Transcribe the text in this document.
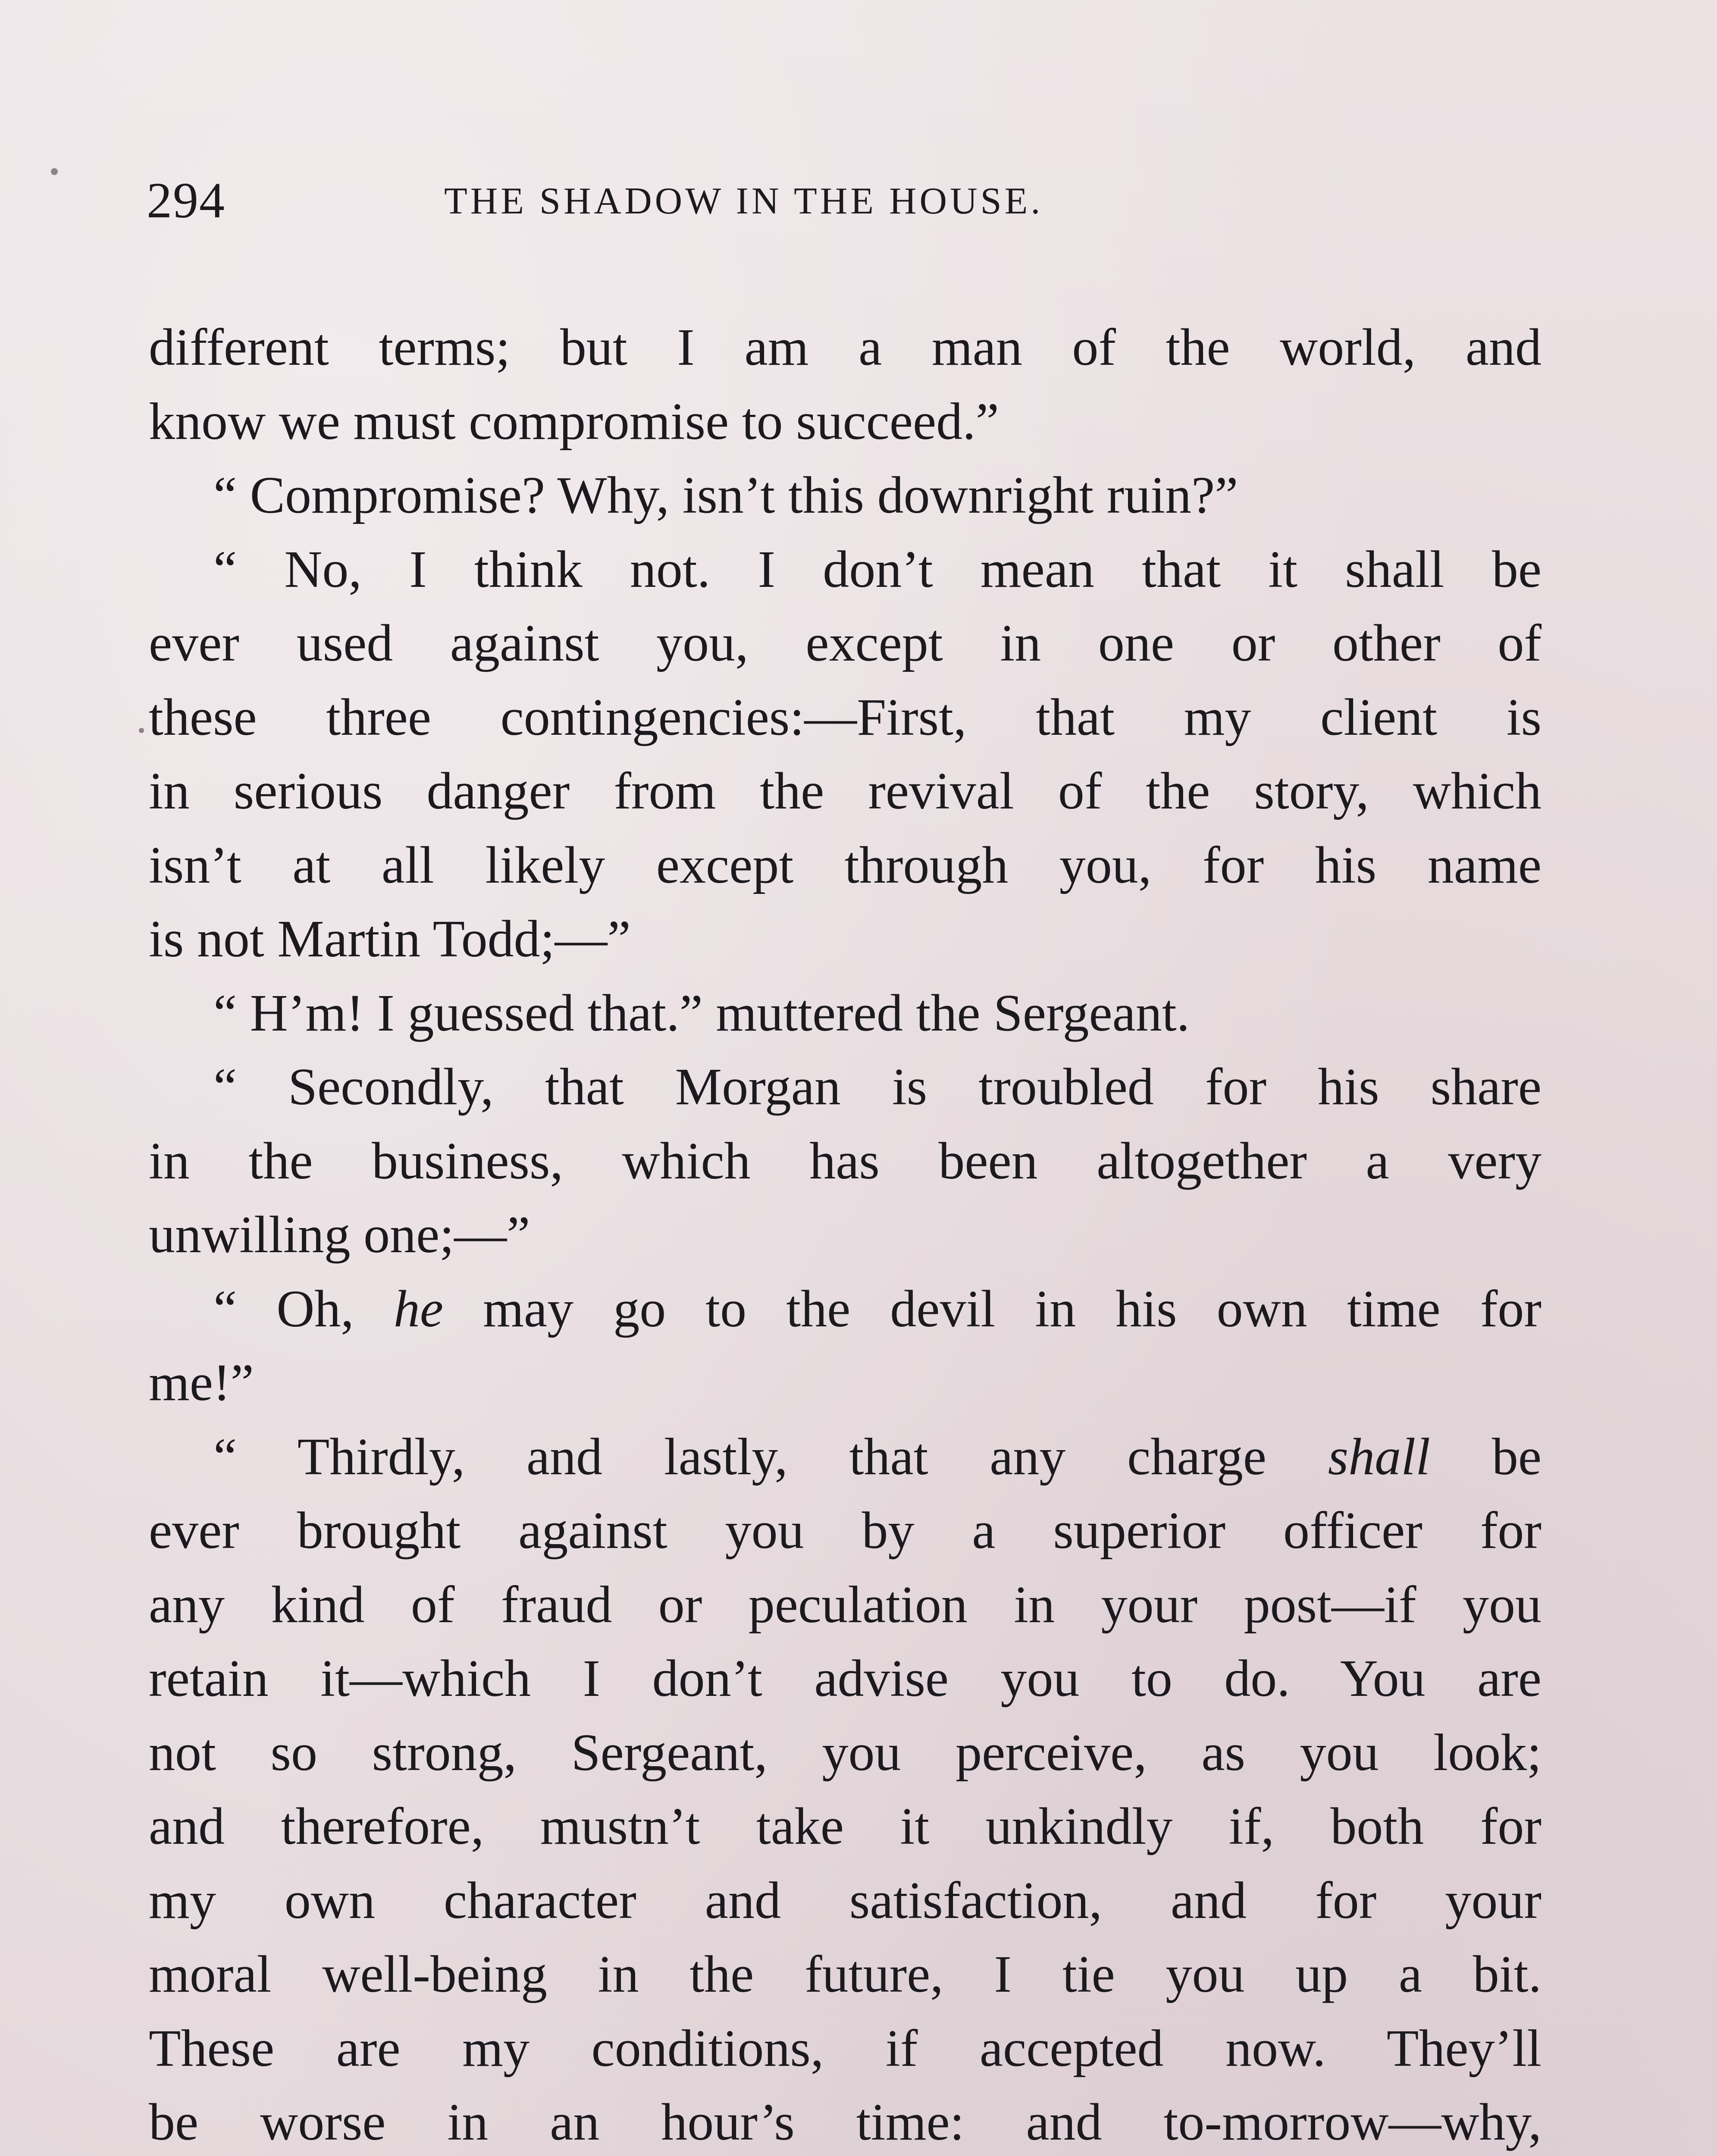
294	THE SHADOW IN THE HOUSE.
different terms; but I am a man of the world, and
know we must compromise to succeed.”
“ Compromise? Why, isn’t this downright ruin?”
“ No, I think not. I don’t mean that it shall be
ever used against you, except in one or other of
these three contingencies:—First, that my client is
in serious danger from the revival of the story, which
isn’t at all likely except through you, for his name
is not Martin Todd;—”
“ H’m! I guessed that.” muttered the Sergeant.
“ Secondly, that Morgan is troubled for his share
in the business, which has been altogether a very
unwilling one;—”
“ Oh, he may go to the devil in his own time for
me!”
“ Thirdly, and lastly, that any charge shall be
ever brought against you by a superior officer for
any kind of fraud or peculation in your post—if you
retain it—which I don’t advise you to do. You are
not so strong, Sergeant, you perceive, as you look;
and therefore, mustn’t take it unkindly if, both for
my own character and satisfaction, and for your
moral well-being in the future, I tie you up a bit.
These are my conditions, if accepted now. They’ll
be worse in an hour’s time: and to-morrow—why,
